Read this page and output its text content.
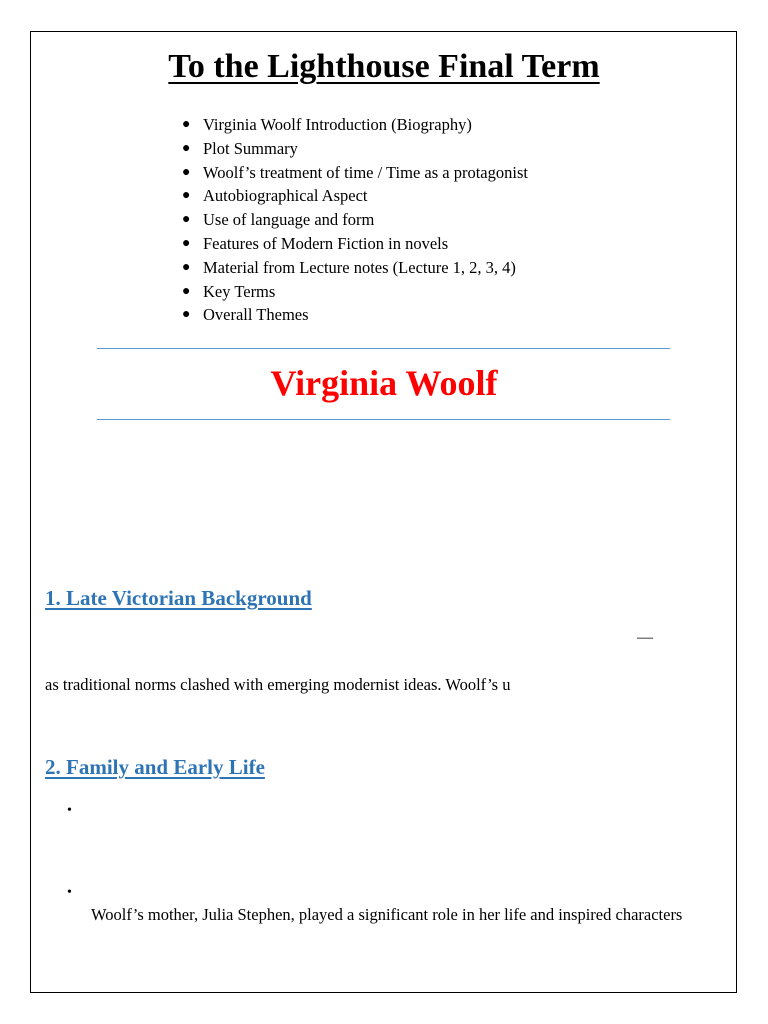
To the Lighthouse Final Term
● Virginia Woolf Introduction (Biography)
● Plot Summary
● Woolf’s treatment of time / Time as a protagonist
● Autobiographical Aspect
● Use of language and form
● Features of Modern Fiction in novels
● Material from Lecture notes (Lecture 1, 2, 3, 4)
● Key Terms
● Overall Themes
Virginia Woolf
1. Late Victorian Background
—

as traditional norms clashed with emerging modernist ideas. Woolf’s u

2. Family and Early Life
•
•

Woolf’s mother, Julia Stephen, played a significant role in her life and inspired characters
